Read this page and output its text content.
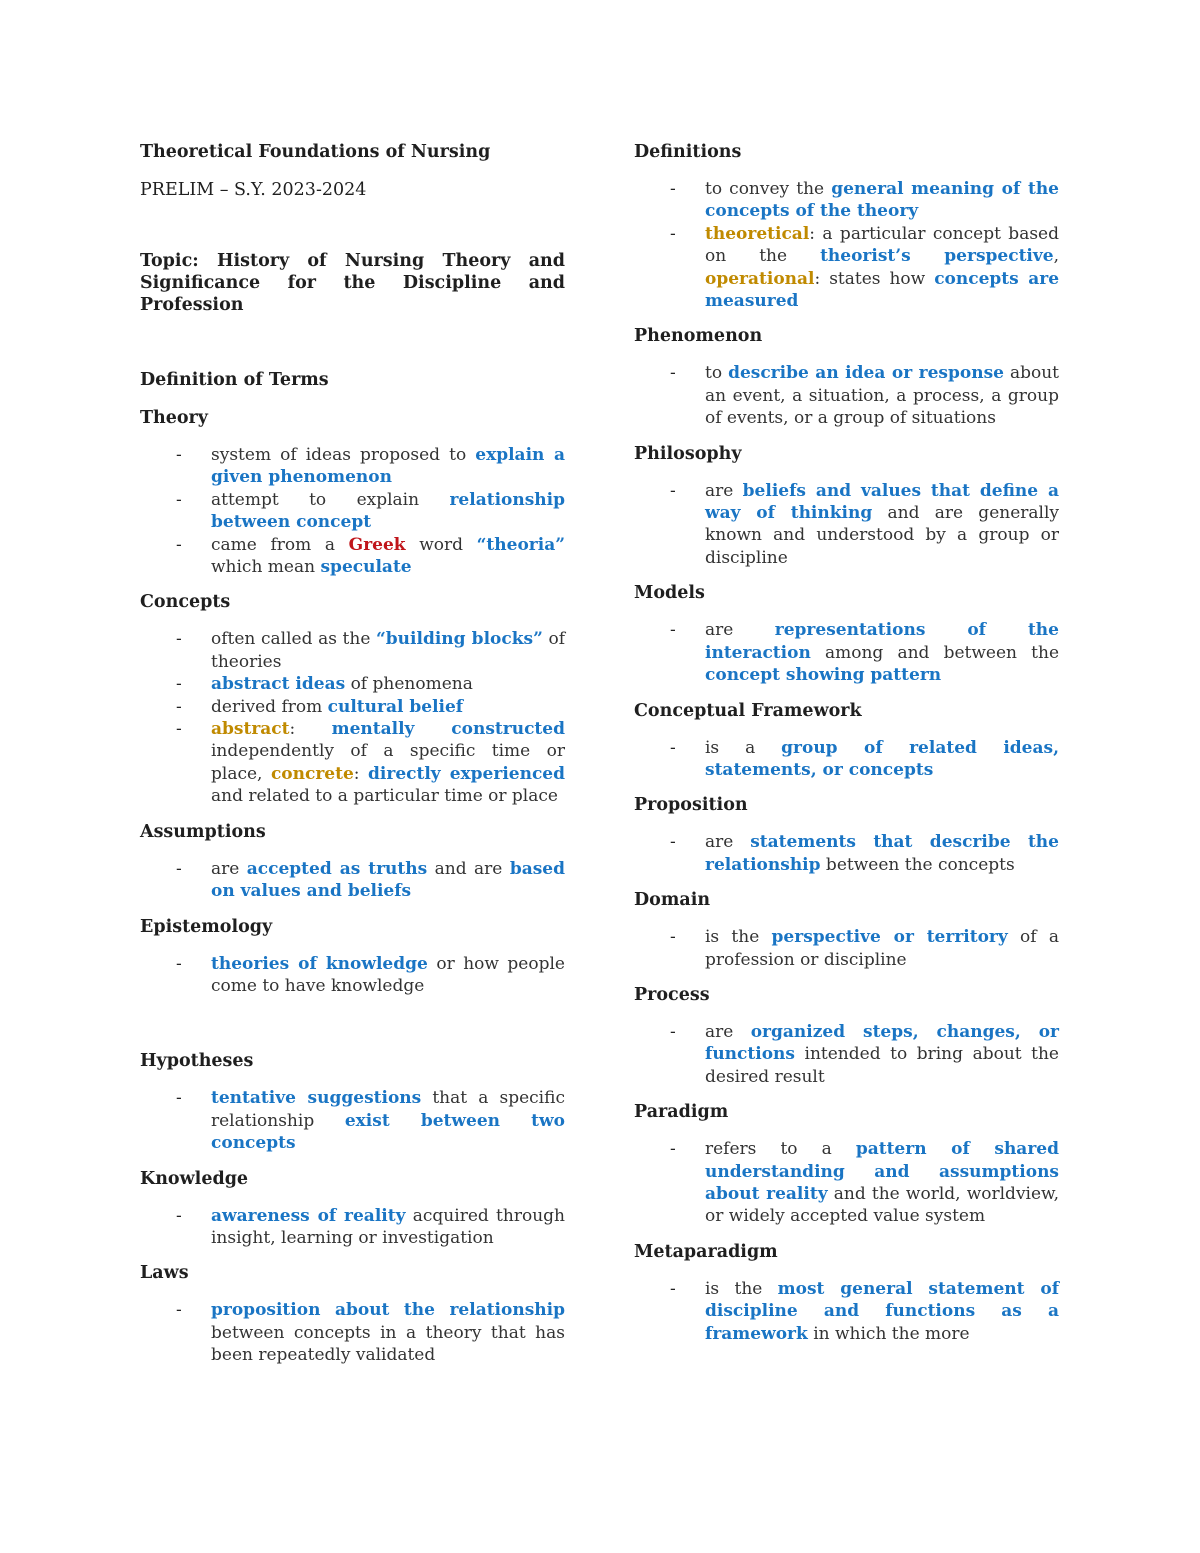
Theoretical Foundations of Nursing
PRELIM – S.Y. 2023-2024
Topic: History of Nursing Theory and Significance for the Discipline and Profession
Definition of Terms
Theory
- system of ideas proposed to explain a given phenomenon
- attempt to explain relationship between concept
- came from a Greek word “theoria” which mean speculate
Concepts
- often called as the “building blocks” of theories
- abstract ideas of phenomena
- derived from cultural belief
- abstract: mentally constructed independently of a specific time or place, concrete: directly experienced and related to a particular time or place
Assumptions
- are accepted as truths and are based on values and beliefs
Epistemology
- theories of knowledge or how people come to have knowledge
Hypotheses
- tentative suggestions that a specific relationship exist between two concepts
Knowledge
- awareness of reality acquired through insight, learning or investigation
Laws
- proposition about the relationship between concepts in a theory that has been repeatedly validated
Definitions
- to convey the general meaning of the concepts of the theory
- theoretical: a particular concept based on the theorist’s perspective, operational: states how concepts are measured
Phenomenon
- to describe an idea or response about an event, a situation, a process, a group of events, or a group of situations
Philosophy
- are beliefs and values that define a way of thinking and are generally known and understood by a group or discipline
Models
- are representations of the interaction among and between the concept showing pattern
Conceptual Framework
- is a group of related ideas, statements, or concepts
Proposition
- are statements that describe the relationship between the concepts
Domain
- is the perspective or territory of a profession or discipline
Process
- are organized steps, changes, or functions intended to bring about the desired result
Paradigm
- refers to a pattern of shared understanding and assumptions about reality and the world, worldview, or widely accepted value system
Metaparadigm
- is the most general statement of discipline and functions as a framework in which the more
